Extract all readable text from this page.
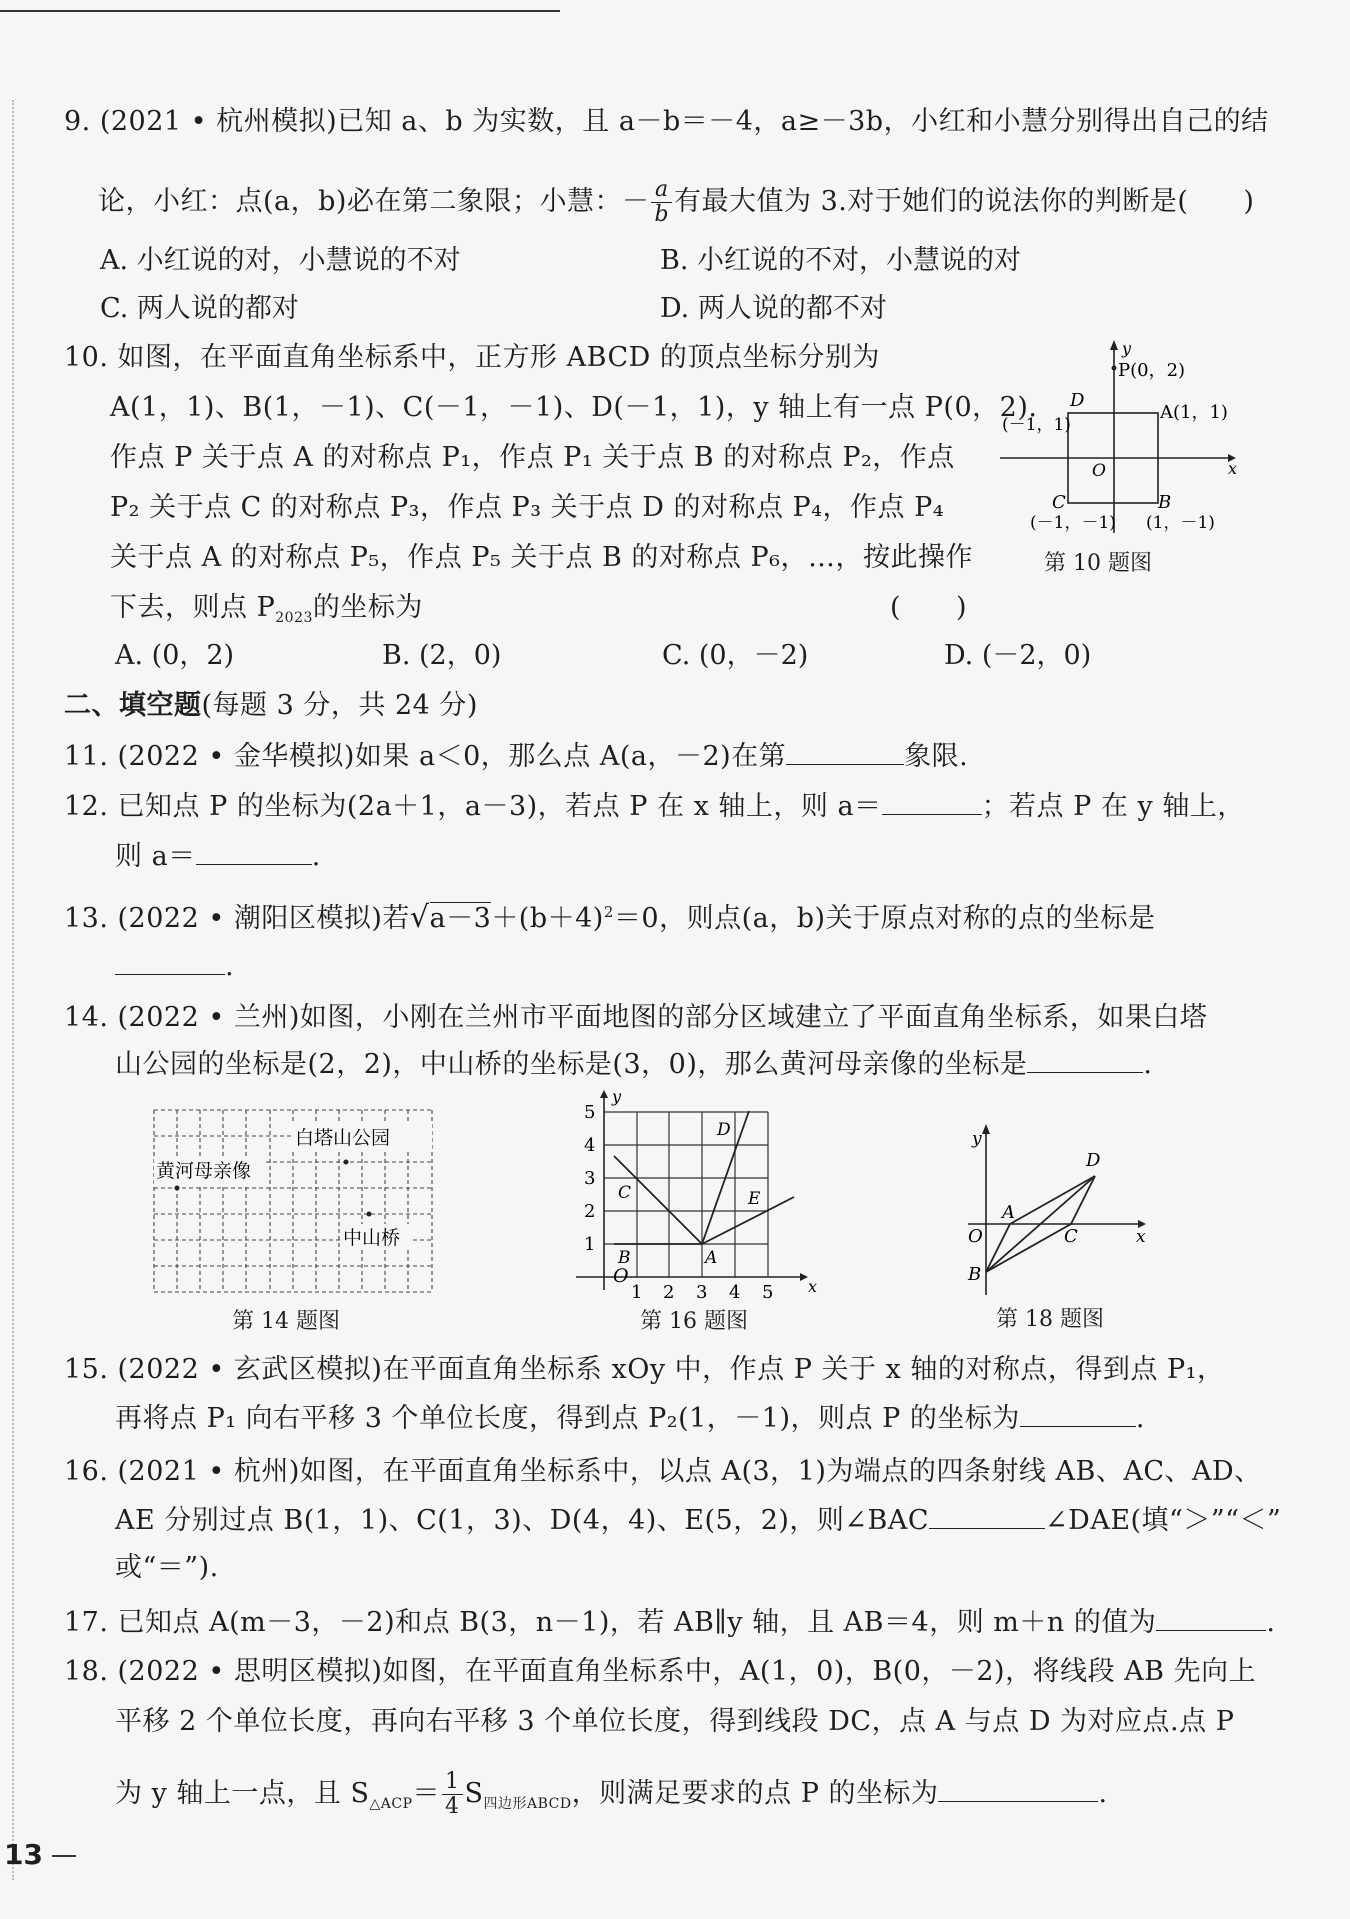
9. (2021 • 杭州模拟)已知 a、b 为实数，且 a－b＝－4，a≥－3b，小红和小慧分别得出自己的结
论，小红：点(a，b)必在第二象限；小慧：－ $\frac{a}{b}$ 有最大值为 3.对于她们的说法你的判断是(　　)
A. 小红说的对，小慧说的不对	B. 小红说的不对，小慧说的对
C. 两人说的都对	D. 两人说的都不对
10. 如图，在平面直角坐标系中，正方形 ABCD 的顶点坐标分别为
A(1，1)、B(1，－1)、C(－1，－1)、D(－1，1)，y 轴上有一点 P(0，2).
作点 P 关于点 A 的对称点 P₁，作点 P₁ 关于点 B 的对称点 P₂，作点
P₂ 关于点 C 的对称点 P₃，作点 P₃ 关于点 D 的对称点 P₄，作点 P₄
关于点 A 的对称点 P₅，作点 P₅ 关于点 B 的对称点 P₆，…，按此操作
下去，则点 $P_{2023}$的坐标为	(　　)
A. (0，2)	B. (2，0)	C. (0，－2)	D. (－2，0)
y
x
P(0，2)
D
A(1，1)
(－1，1)
O
C	B
(－1，－1) (1，－1)
第 10 题图
二、填空题(每题 3 分，共 24 分)
11. (2022 • 金华模拟)如果 a＜0，那么点 A(a，－2)在第	象限.
12. 已知点 P 的坐标为(2a＋1，a－3)，若点 P 在 x 轴上，则 a＝	；若点 P 在 y 轴上，
则 a＝	.
13. (2022 • 潮阳区模拟)若$√a-3+(b+4)^2=0$，则点(a，b)关于原点对称的点的坐标是
.
14. (2022 • 兰州)如图，小刚在兰州市平面地图的部分区域建立了平面直角坐标系，如果白塔
山公园的坐标是(2，2)，中山桥的坐标是(3，0)，那么黄河母亲像的坐标是	.
白塔山公园
黄河母亲像
中山桥
第 14 题图
O	x
y
1 2 3 4 5
1
2
3
4
5
A
B
C
D
E
第 16 题图
y
x
O
A
B
C
D
第 18 题图
15. (2022 • 玄武区模拟)在平面直角坐标系 xOy 中，作点 P 关于 x 轴的对称点，得到点 P₁，
再将点 P₁ 向右平移 3 个单位长度，得到点 P₂(1，－1)，则点 P 的坐标为	.
16. (2021 • 杭州)如图，在平面直角坐标系中，以点 A(3，1)为端点的四条射线 AB、AC、AD、
AE 分别过点 B(1，1)、C(1，3)、D(4，4)、E(5，2)，则∠BAC	∠DAE(填“＞”“＜”
或“＝”).
17. 已知点 A(m－3，－2)和点 B(3，n－1)，若 AB∥y 轴，且 AB＝4，则 m＋n 的值为	.
18. (2022 • 思明区模拟)如图，在平面直角坐标系中，A(1，0)，B(0，－2)，将线段 AB 先向上
平移 2 个单位长度，再向右平移 3 个单位长度，得到线段 DC，点 A 与点 D 为对应点.点 P
为 y 轴上一点，且 $S_{\triangle ACP}= \frac{1}{4} S_{四边形ABCD}$，则满足要求的点 P 的坐标为	.
13
